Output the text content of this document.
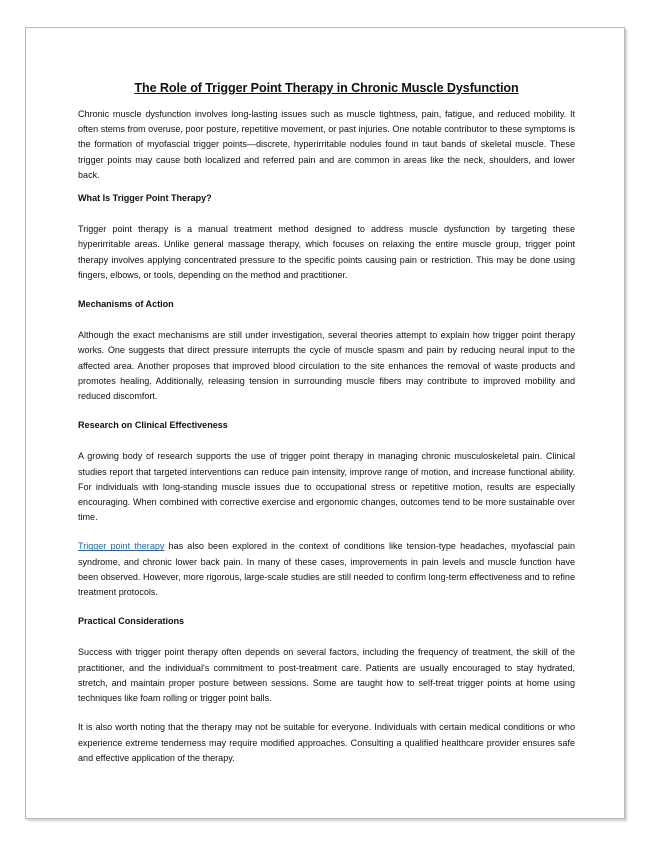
The Role of Trigger Point Therapy in Chronic Muscle Dysfunction

Chronic muscle dysfunction involves long-lasting issues such as muscle tightness, pain, fatigue, and reduced mobility. It often stems from overuse, poor posture, repetitive movement, or past injuries. One notable contributor to these symptoms is the formation of myofascial trigger points—discrete, hyperirritable nodules found in taut bands of skeletal muscle. These trigger points may cause both localized and referred pain and are common in areas like the neck, shoulders, and lower back.

What Is Trigger Point Therapy?

Trigger point therapy is a manual treatment method designed to address muscle dysfunction by targeting these hyperirritable areas. Unlike general massage therapy, which focuses on relaxing the entire muscle group, trigger point therapy involves applying concentrated pressure to the specific points causing pain or restriction. This may be done using fingers, elbows, or tools, depending on the method and practitioner.

Mechanisms of Action

Although the exact mechanisms are still under investigation, several theories attempt to explain how trigger point therapy works. One suggests that direct pressure interrupts the cycle of muscle spasm and pain by reducing neural input to the affected area. Another proposes that improved blood circulation to the site enhances the removal of waste products and promotes healing. Additionally, releasing tension in surrounding muscle fibers may contribute to improved mobility and reduced discomfort.

Research on Clinical Effectiveness

A growing body of research supports the use of trigger point therapy in managing chronic musculoskeletal pain. Clinical studies report that targeted interventions can reduce pain intensity, improve range of motion, and increase functional ability. For individuals with long-standing muscle issues due to occupational stress or repetitive motion, results are especially encouraging. When combined with corrective exercise and ergonomic changes, outcomes tend to be more sustainable over time.

Trigger point therapy has also been explored in the context of conditions like tension-type headaches, myofascial pain syndrome, and chronic lower back pain. In many of these cases, improvements in pain levels and muscle function have been observed. However, more rigorous, large-scale studies are still needed to confirm long-term effectiveness and to refine treatment protocols.

Practical Considerations

Success with trigger point therapy often depends on several factors, including the frequency of treatment, the skill of the practitioner, and the individual's commitment to post-treatment care. Patients are usually encouraged to stay hydrated, stretch, and maintain proper posture between sessions. Some are taught how to self-treat trigger points at home using techniques like foam rolling or trigger point balls.

It is also worth noting that the therapy may not be suitable for everyone. Individuals with certain medical conditions or who experience extreme tenderness may require modified approaches. Consulting a qualified healthcare provider ensures safe and effective application of the therapy.
